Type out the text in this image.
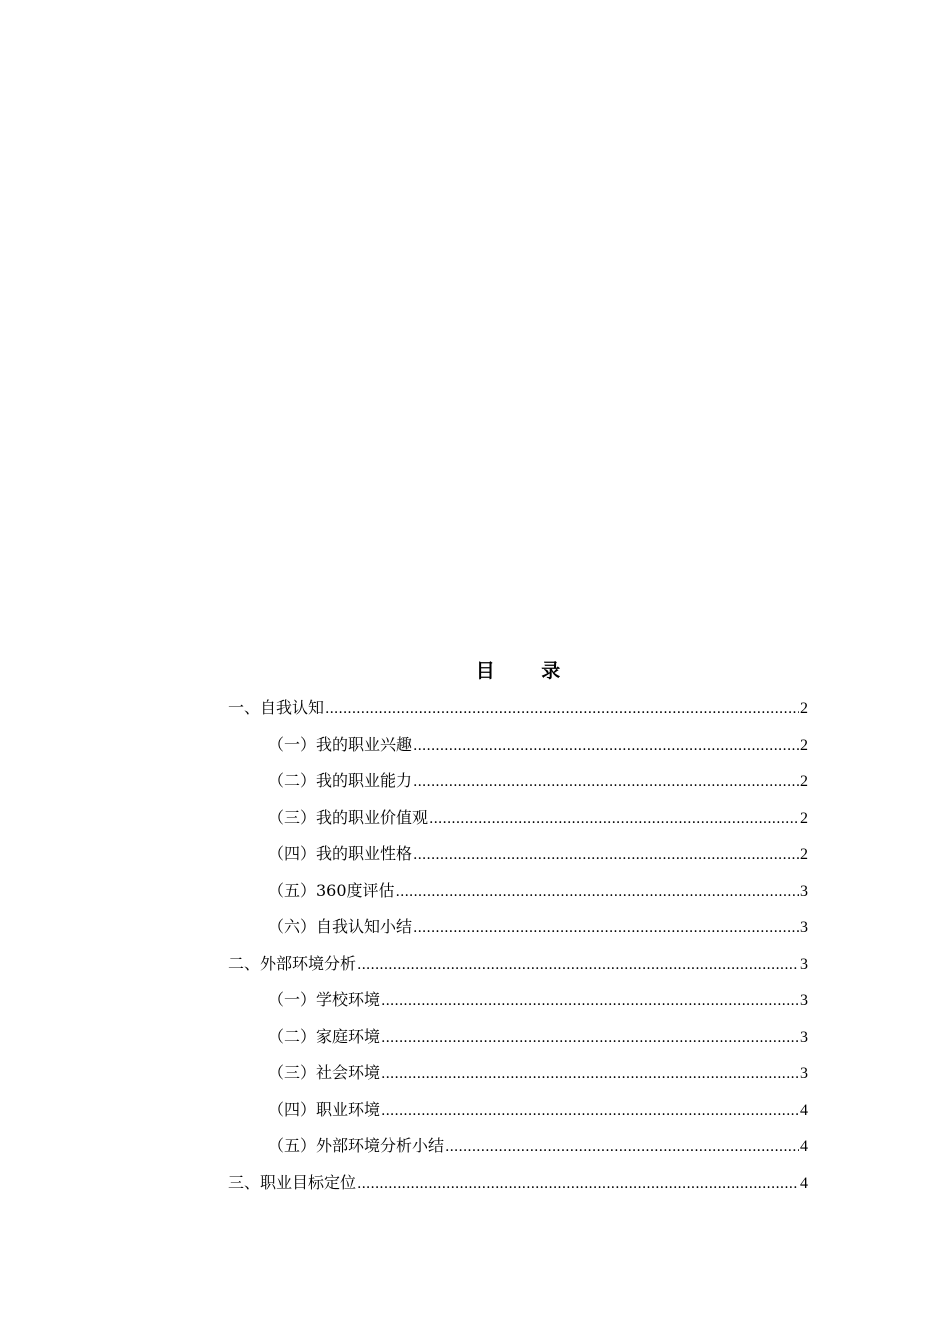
目 录
一、自我认知 .....	2
（一）我的职业兴趣 .....	2
（二）我的职业能力 .....	2
（三）我的职业价值观 .....	2
（四）我的职业性格 .....	2
（五）360度评估 .....	3
（六）自我认知小结 .....	3
二、外部环境分析 .....	3
（一）学校环境 .....	3
（二）家庭环境 .....	3
（三）社会环境 .....	3
（四）职业环境 .....	4
（五）外部环境分析小结 .....	4
三、职业目标定位 .....	4
